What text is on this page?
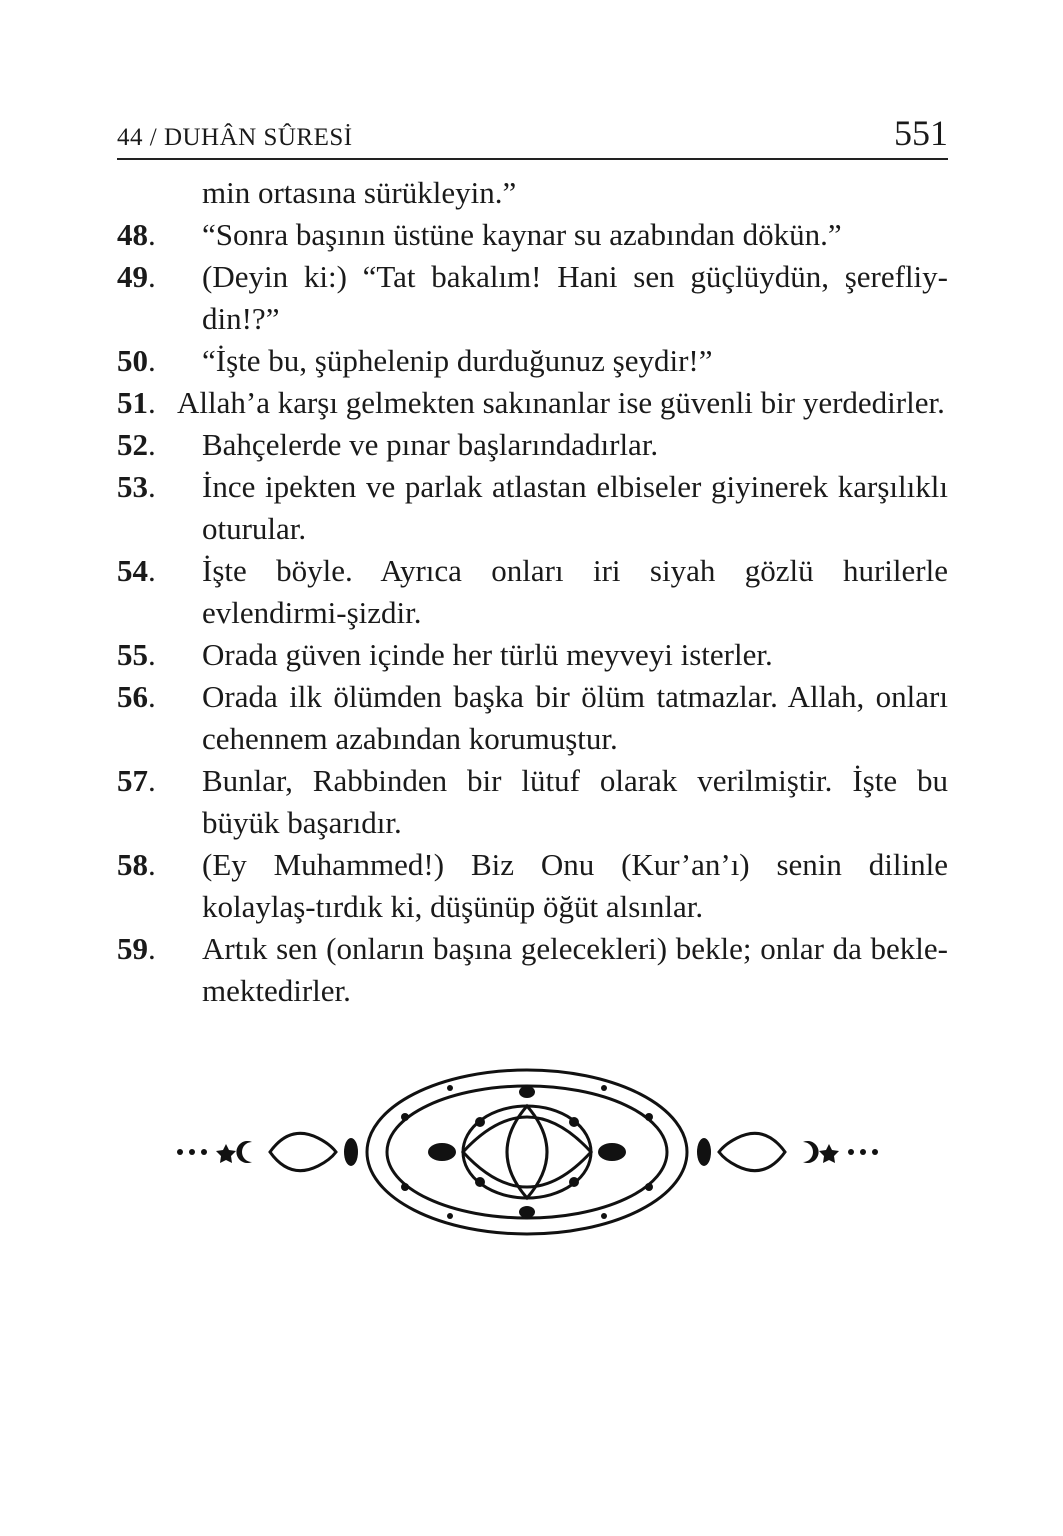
44 / DUHÂN SÛRESİ	551
min ortasına sürükleyin.”
48. “Sonra başının üstüne kaynar su azabından dökün.”
49. (Deyin ki:) “Tat bakalım! Hani sen güçlüydün, şerefliy-din!?”
50. “İşte bu, şüphelenip durduğunuz şeydir!”
51. Allah’a karşı gelmekten sakınanlar ise güvenli bir yerdedirler.
52. Bahçelerde ve pınar başlarındadırlar.
53. İnce ipekten ve parlak atlastan elbiseler giyinerek karşılıklı oturular.
54. İşte böyle. Ayrıca onları iri siyah gözlü hurilerle evlendirmi-şizdir.
55. Orada güven içinde her türlü meyveyi isterler.
56. Orada ilk ölümden başka bir ölüm tatmazlar. Allah, onları cehennem azabından korumuştur.
57. Bunlar, Rabbinden bir lütuf olarak verilmiştir. İşte bu büyük başarıdır.
58. (Ey Muhammed!) Biz Onu (Kur’an’ı) senin dilinle kolaylaş-tırdık ki, düşünüp öğüt alsınlar.
59. Artık sen (onların başına gelecekleri) bekle; onlar da bekle-mektedirler.
